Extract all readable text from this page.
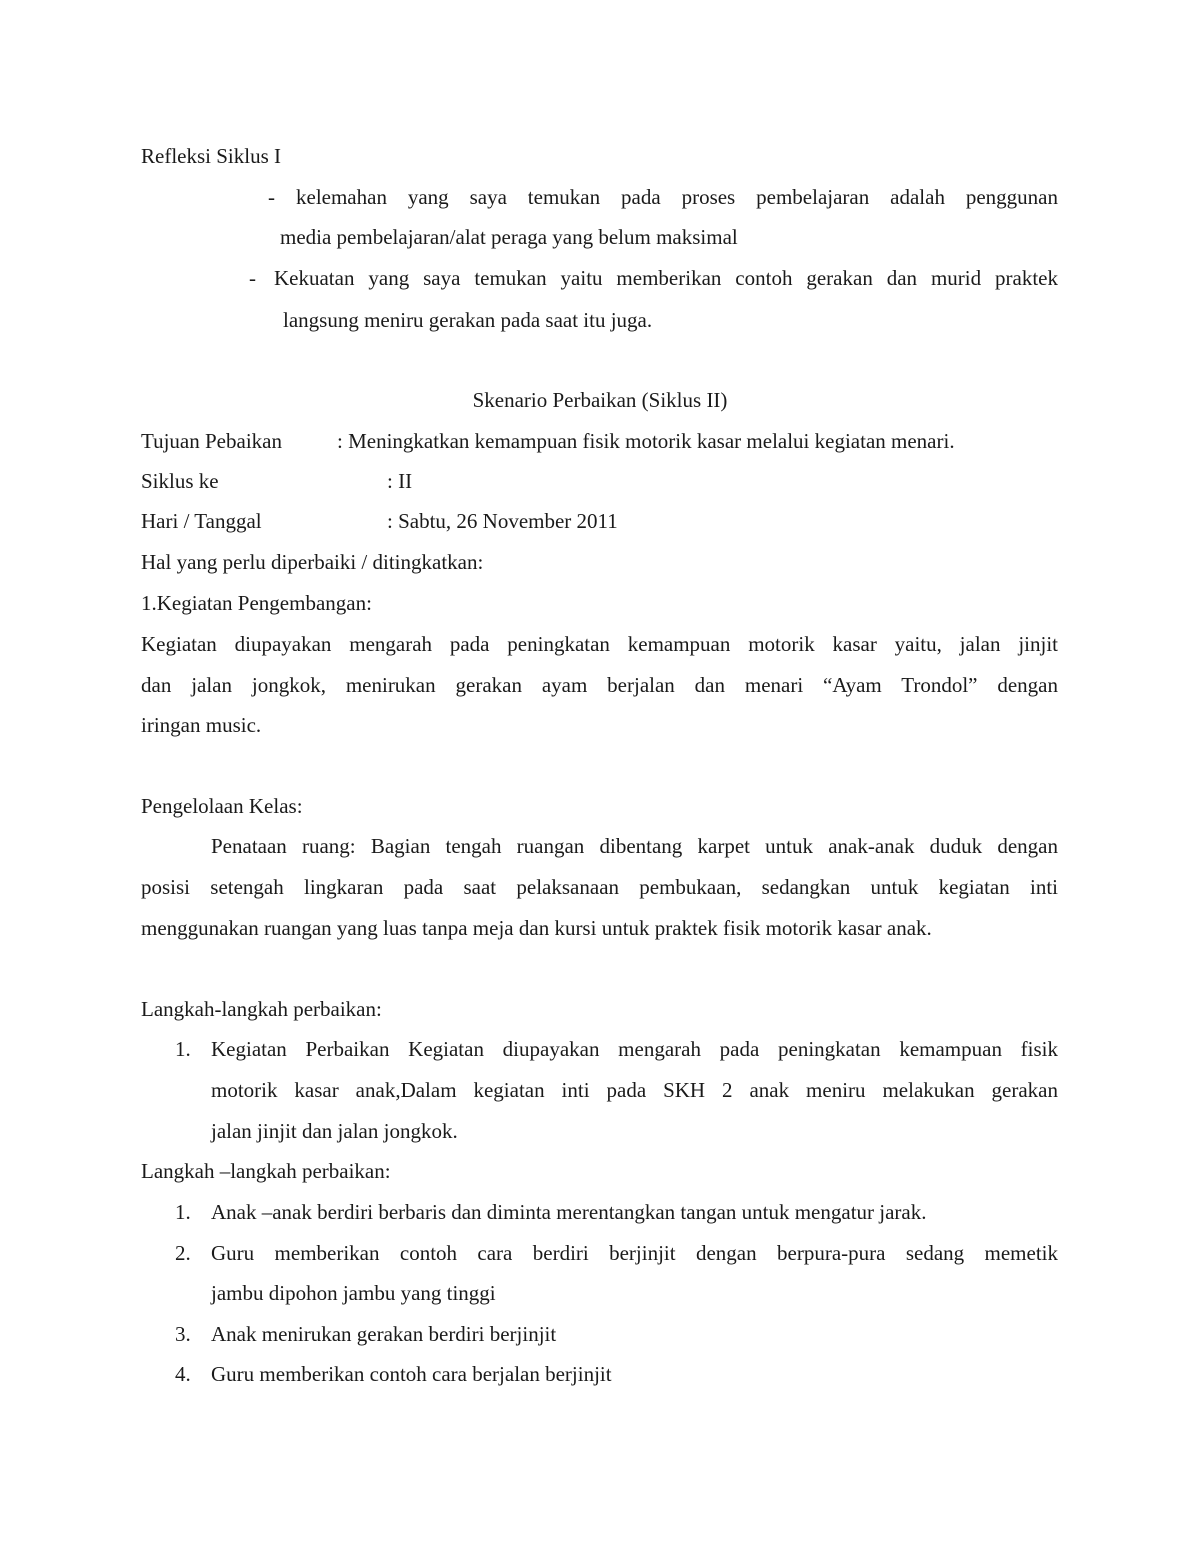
Refleksi Siklus I
- kelemahan yang saya temukan pada proses pembelajaran adalah penggunan
media pembelajaran/alat peraga yang belum maksimal
- Kekuatan yang saya temukan yaitu memberikan contoh gerakan dan murid praktek
langsung meniru gerakan pada saat itu juga.
Skenario Perbaikan (Siklus II)
Tujuan Pebaikan	: Meningkatkan kemampuan fisik motorik kasar melalui kegiatan menari.
Siklus ke	: II
Hari / Tanggal	: Sabtu, 26 November 2011
Hal yang perlu diperbaiki / ditingkatkan:
1.Kegiatan Pengembangan:
Kegiatan diupayakan mengarah pada peningkatan kemampuan motorik kasar yaitu, jalan jinjit
dan jalan jongkok, menirukan gerakan ayam berjalan dan menari “Ayam Trondol” dengan
iringan music.
Pengelolaan Kelas:
Penataan ruang: Bagian tengah ruangan dibentang karpet untuk anak-anak duduk dengan
posisi setengah lingkaran pada saat pelaksanaan pembukaan, sedangkan untuk kegiatan inti
menggunakan ruangan yang luas tanpa meja dan kursi untuk praktek fisik motorik kasar anak.
Langkah-langkah perbaikan:
1. Kegiatan Perbaikan Kegiatan diupayakan mengarah pada peningkatan kemampuan fisik
motorik kasar anak,Dalam kegiatan inti pada SKH 2 anak meniru melakukan gerakan
jalan jinjit dan jalan jongkok.
Langkah –langkah perbaikan:
1. Anak –anak berdiri berbaris dan diminta merentangkan tangan untuk mengatur jarak.
2. Guru memberikan contoh cara berdiri berjinjit dengan berpura-pura sedang memetik
jambu dipohon jambu yang tinggi
3. Anak menirukan gerakan berdiri berjinjit
4. Guru memberikan contoh cara berjalan berjinjit
